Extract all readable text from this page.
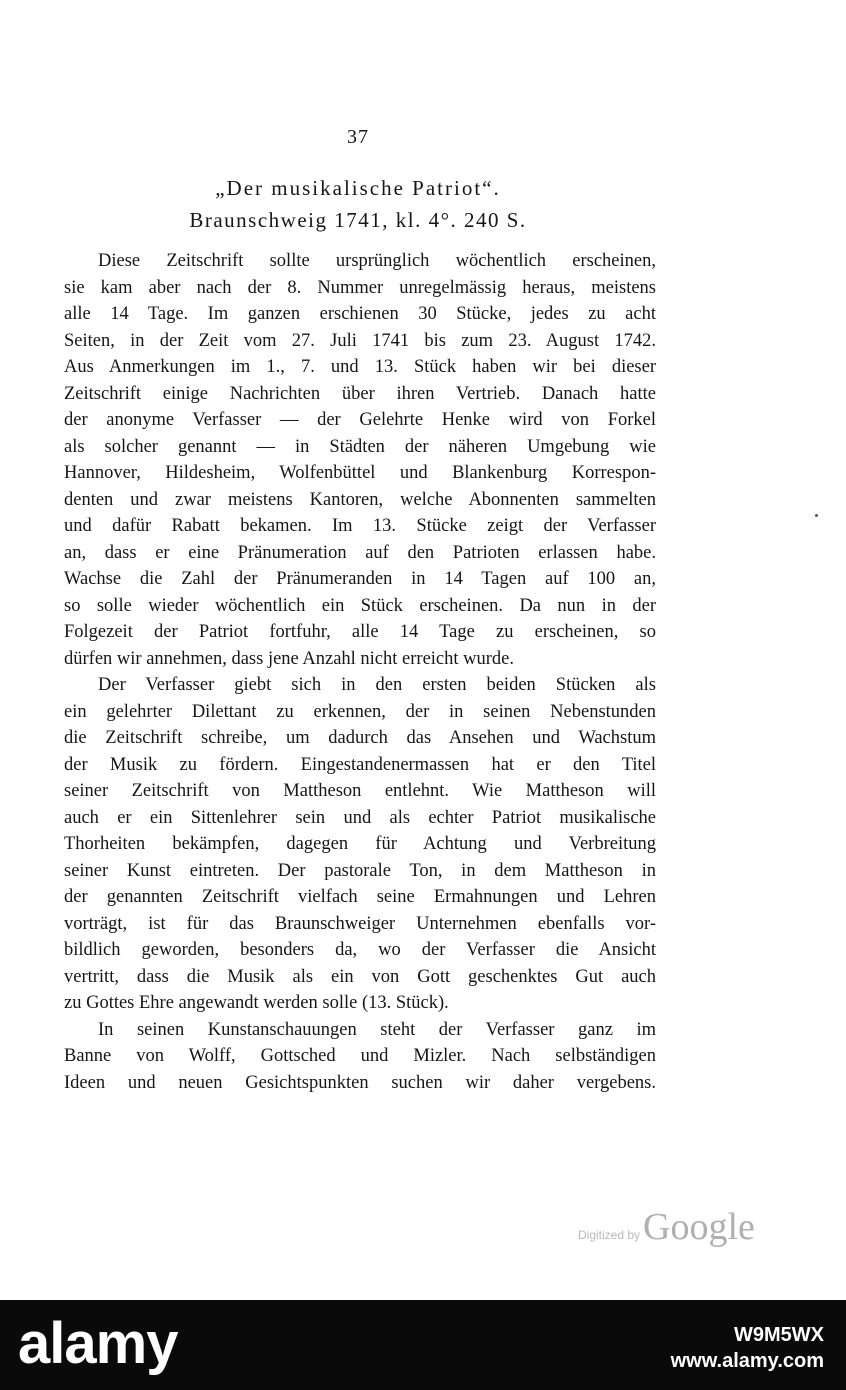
37
„Der musikalische Patriot“.
Braunschweig 1741, kl. 4°. 240 S.
Diese Zeitschrift sollte ursprünglich wöchentlich erscheinen,
sie kam aber nach der 8. Nummer unregelmässig heraus, meistens
alle 14 Tage. Im ganzen erschienen 30 Stücke, jedes zu acht
Seiten, in der Zeit vom 27. Juli 1741 bis zum 23. August 1742.
Aus Anmerkungen im 1., 7. und 13. Stück haben wir bei dieser
Zeitschrift einige Nachrichten über ihren Vertrieb. Danach hatte
der anonyme Verfasser — der Gelehrte Henke wird von Forkel
als solcher genannt — in Städten der näheren Umgebung wie
Hannover, Hildesheim, Wolfenbüttel und Blankenburg Korrespon-
denten und zwar meistens Kantoren, welche Abonnenten sammelten
und dafür Rabatt bekamen. Im 13. Stücke zeigt der Verfasser
an, dass er eine Pränumeration auf den Patrioten erlassen habe.
Wachse die Zahl der Pränumeranden in 14 Tagen auf 100 an,
so solle wieder wöchentlich ein Stück erscheinen. Da nun in der
Folgezeit der Patriot fortfuhr, alle 14 Tage zu erscheinen, so
dürfen wir annehmen, dass jene Anzahl nicht erreicht wurde.
Der Verfasser giebt sich in den ersten beiden Stücken als
ein gelehrter Dilettant zu erkennen, der in seinen Nebenstunden
die Zeitschrift schreibe, um dadurch das Ansehen und Wachstum
der Musik zu fördern. Eingestandenermassen hat er den Titel
seiner Zeitschrift von Mattheson entlehnt. Wie Mattheson will
auch er ein Sittenlehrer sein und als echter Patriot musikalische
Thorheiten bekämpfen, dagegen für Achtung und Verbreitung
seiner Kunst eintreten. Der pastorale Ton, in dem Mattheson in
der genannten Zeitschrift vielfach seine Ermahnungen und Lehren
vorträgt, ist für das Braunschweiger Unternehmen ebenfalls vor-
bildlich geworden, besonders da, wo der Verfasser die Ansicht
vertritt, dass die Musik als ein von Gott geschenktes Gut auch
zu Gottes Ehre angewandt werden solle (13. Stück).
In seinen Kunstanschauungen steht der Verfasser ganz im
Banne von Wolff, Gottsched und Mizler. Nach selbständigen
Ideen und neuen Gesichtspunkten suchen wir daher vergebens.
Digitized by Google
alamy	W9M5WX
www.alamy.com
